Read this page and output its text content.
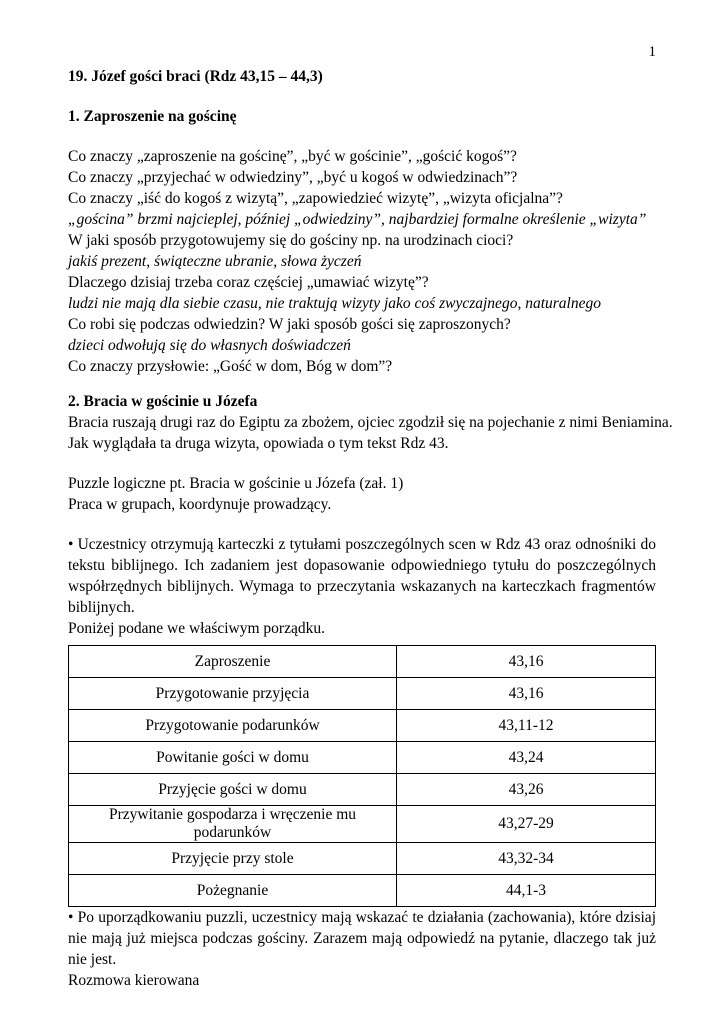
1
19. Józef gości braci (Rdz 43,15 – 44,3)
1. Zaproszenie na gościnę
Co znaczy „zaproszenie na gościnę”, „być w gościnie”, „gościć kogoś”?
Co znaczy „przyjechać w odwiedziny”, „być u kogoś w odwiedzinach”?
Co znaczy „iść do kogoś z wizytą”, „zapowiedzieć wizytę”, „wizyta oficjalna”?
„gościna” brzmi najcieplej, później „odwiedziny”, najbardziej formalne określenie „wizyta”
W jaki sposób przygotowujemy się do gościny np. na urodzinach cioci?
jakiś prezent, świąteczne ubranie, słowa życzeń
Dlaczego dzisiaj trzeba coraz częściej „umawiać wizytę”?
ludzi nie mają dla siebie czasu, nie traktują wizyty jako coś zwyczajnego, naturalnego
Co robi się podczas odwiedzin? W jaki sposób gości się zaproszonych?
dzieci odwołują się do własnych doświadczeń
Co znaczy przysłowie: „Gość w dom, Bóg w dom”?
2. Bracia w gościnie u Józefa
Bracia ruszają drugi raz do Egiptu za zbożem, ojciec zgodził się na pojechanie z nimi Beniamina.
Jak wyglądała ta druga wizyta, opowiada o tym tekst Rdz 43.
Puzzle logiczne pt. Bracia w gościnie u Józefa (zał. 1)
Praca w grupach, koordynuje prowadzący.
• Uczestnicy otrzymują karteczki z tytułami poszczególnych scen w Rdz 43 oraz odnośniki do tekstu biblijnego. Ich zadaniem jest dopasowanie odpowiedniego tytułu do poszczególnych współrzędnych biblijnych. Wymaga to przeczytania wskazanych na karteczkach fragmentów biblijnych.
Poniżej podane we właściwym porządku.
Zaproszenie	43,16
Przygotowanie przyjęcia	43,16
Przygotowanie podarunków	43,11-12
Powitanie gości w domu	43,24
Przyjęcie gości w domu	43,26
Przywitanie gospodarza i wręczenie mu podarunków	43,27-29
Przyjęcie przy stole	43,32-34
Pożegnanie	44,1-3
• Po uporządkowaniu puzzli, uczestnicy mają wskazać te działania (zachowania), które dzisiaj nie mają już miejsca podczas gościny. Zarazem mają odpowiedź na pytanie, dlaczego tak już nie jest.
Rozmowa kierowana
